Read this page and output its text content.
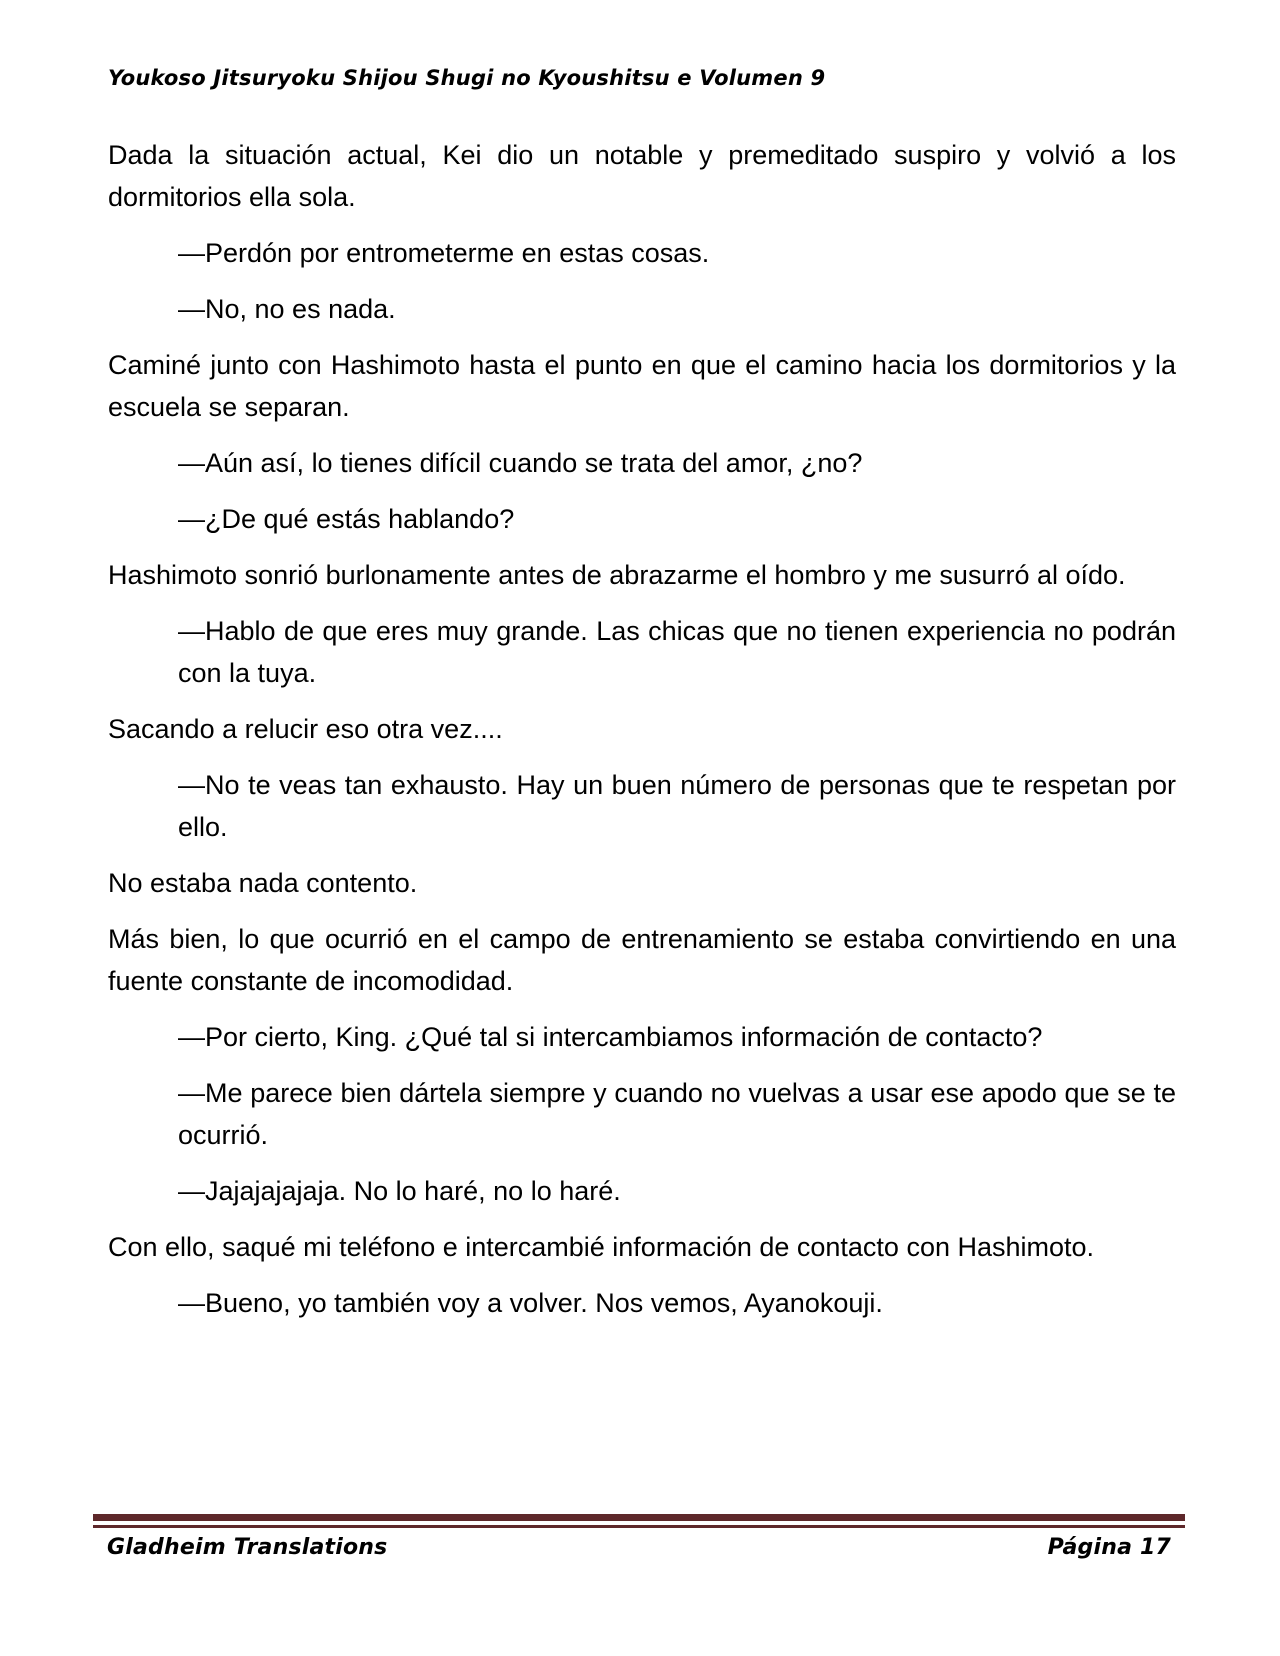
Youkoso Jitsuryoku Shijou Shugi no Kyoushitsu e Volumen 9

Dada la situación actual, Kei dio un notable y premeditado suspiro y volvió a los dormitorios ella sola.

—Perdón por entrometerme en estas cosas.

—No, no es nada.

Caminé junto con Hashimoto hasta el punto en que el camino hacia los dormitorios y la escuela se separan.

—Aún así, lo tienes difícil cuando se trata del amor, ¿no?

—¿De qué estás hablando?

Hashimoto sonrió burlonamente antes de abrazarme el hombro y me susurró al oído.

—Hablo de que eres muy grande. Las chicas que no tienen experiencia no podrán con la tuya.

Sacando a relucir eso otra vez....

—No te veas tan exhausto. Hay un buen número de personas que te respetan por ello.

No estaba nada contento.

Más bien, lo que ocurrió en el campo de entrenamiento se estaba convirtiendo en una fuente constante de incomodidad.

—Por cierto, King. ¿Qué tal si intercambiamos información de contacto?

—Me parece bien dártela siempre y cuando no vuelvas a usar ese apodo que se te ocurrió.

—Jajajajajaja. No lo haré, no lo haré.

Con ello, saqué mi teléfono e intercambié información de contacto con Hashimoto.

—Bueno, yo también voy a volver. Nos vemos, Ayanokouji.

Gladheim Translations	Página 17
